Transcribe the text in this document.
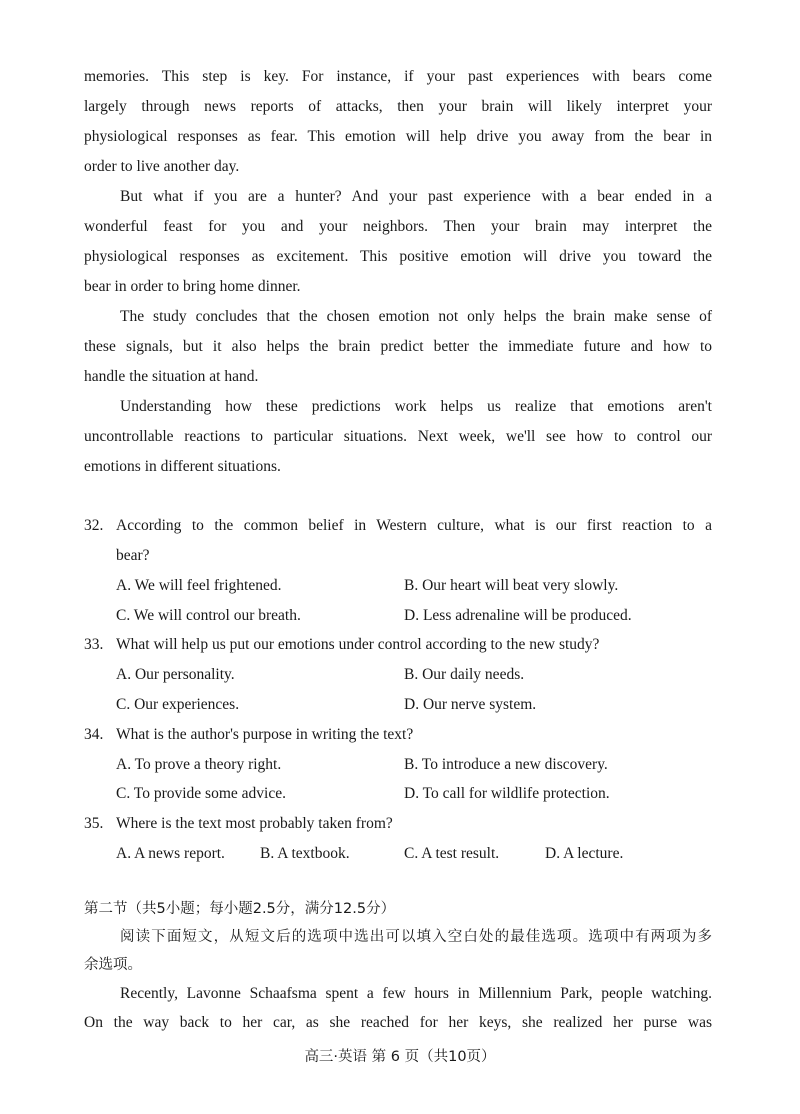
memories. This step is key. For instance, if your past experiences with bears come
largely through news reports of attacks, then your brain will likely interpret your
physiological responses as fear. This emotion will help drive you away from the bear in
order to live another day.
But what if you are a hunter? And your past experience with a bear ended in a
wonderful feast for you and your neighbors. Then your brain may interpret the
physiological responses as excitement. This positive emotion will drive you toward the
bear in order to bring home dinner.
The study concludes that the chosen emotion not only helps the brain make sense of
these signals, but it also helps the brain predict better the immediate future and how to
handle the situation at hand.
Understanding how these predictions work helps us realize that emotions aren't
uncontrollable reactions to particular situations. Next week, we'll see how to control our
emotions in different situations.
32. According to the common belief in Western culture, what is our first reaction to a
bear?
A. We will feel frightened.	B. Our heart will beat very slowly.
C. We will control our breath.	D. Less adrenaline will be produced.
33. What will help us put our emotions under control according to the new study?
A. Our personality.	B. Our daily needs.
C. Our experiences.	D. Our nerve system.
34. What is the author's purpose in writing the text?
A. To prove a theory right.	B. To introduce a new discovery.
C. To provide some advice.	D. To call for wildlife protection.
35. Where is the text most probably taken from?
A. A news report. B. A textbook.	C. A test result.	D. A lecture.
第二节（共5小题；每小题2.5分，满分12.5分）
阅读下面短文，从短文后的选项中选出可以填入空白处的最佳选项。选项中有两项为多
余选项。
Recently, Lavonne Schaafsma spent a few hours in Millennium Park, people watching.
On the way back to her car, as she reached for her keys, she realized her purse was
高三·英语 第 6 页（共10页）
